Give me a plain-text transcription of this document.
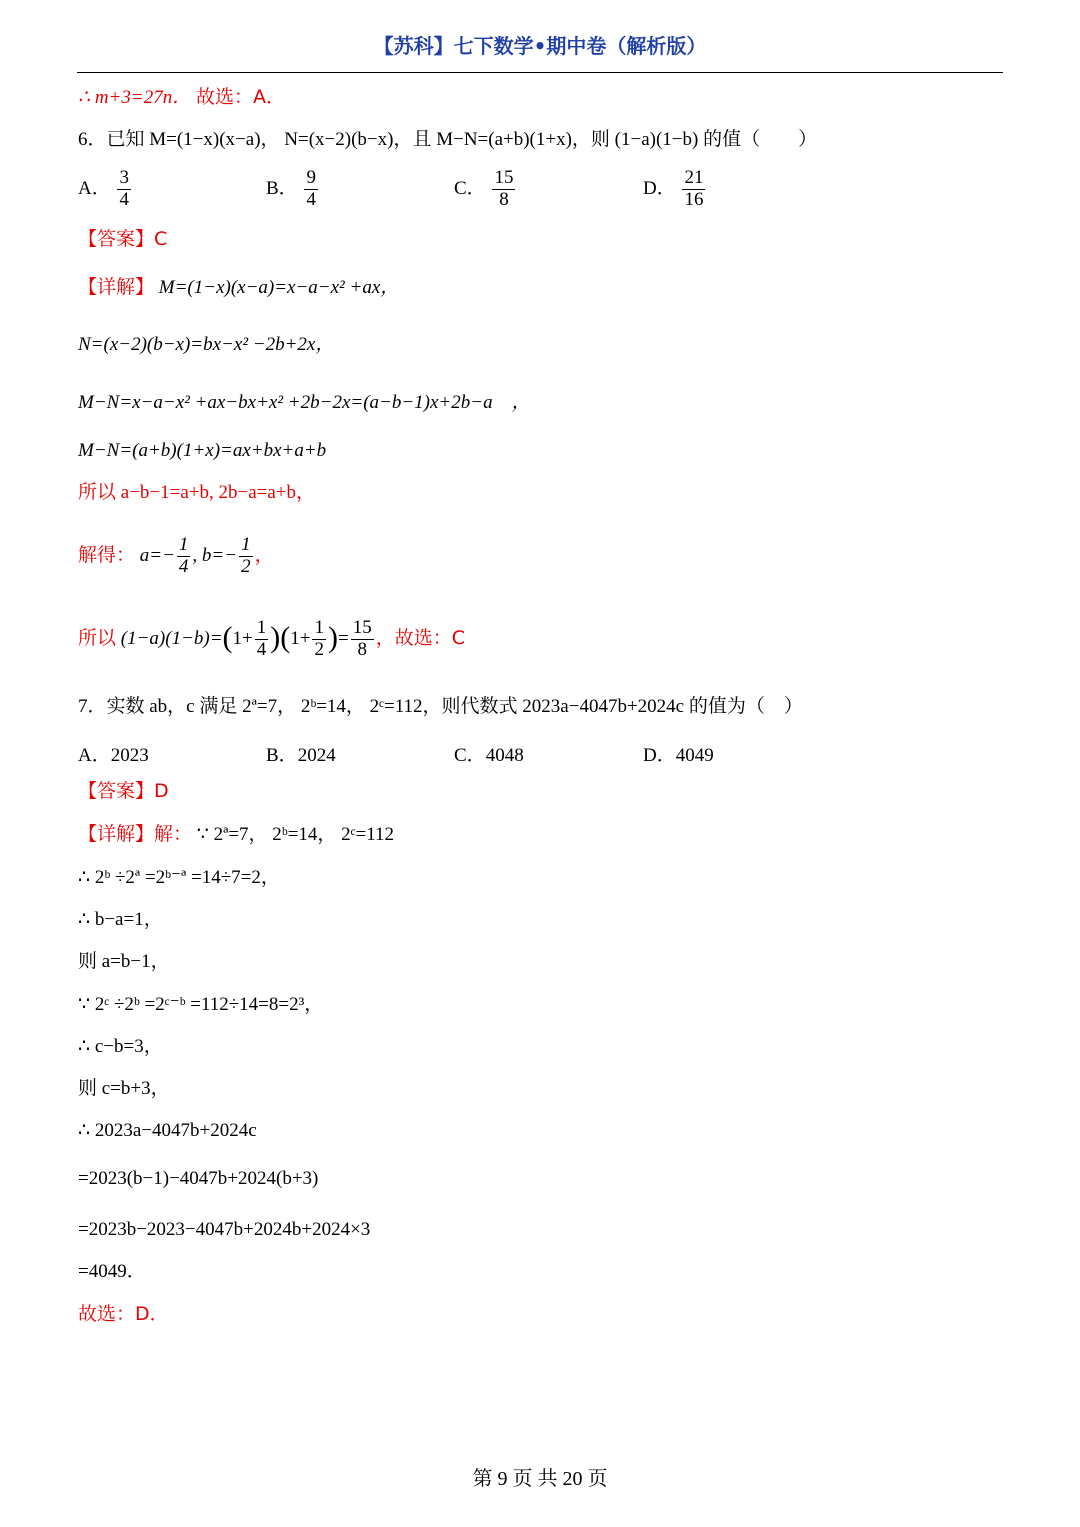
【苏科】七下数学•期中卷（解析版）
∴ m+3=27n． 故选：A．
6．已知 M=(1−x)(x−a)， N=(x−2)(b−x)，且 M−N=(a+b)(1+x)，则 (1−a)(1−b) 的值（　　）
A． $\frac{3}{4}$	B． $\frac{9}{4}$	C． $\frac{15}{8}$	D． $\frac{21}{16}$
【答案】C
【详解】 M=(1−x)(x−a)=x−a−x² +ax，
N=(x−2)(b−x)=bx−x² −2b+2x，
M−N=x−a−x² +ax−bx+x² +2b−2x=(a−b−1)x+2b−a　，
M−N=(a+b)(1+x)=ax+bx+a+b
所以 a−b−1=a+b, 2b−a=a+b，
解得： $a=- \frac{1}{4}$ , $b=- \frac{1}{2}$ ，
所以 $(1-a)(1-b)=(1+ \frac{1}{4} )(1+ \frac{1}{2}$ )= $\frac{15}{8}$ ，故选：C
7．实数 ab，c 满足 2ª=7， 2ᵇ=14， 2ᶜ=112，则代数式 2023a−4047b+2024c 的值为（　）
A．2023	B．2024	C．4048	D．4049
【答案】D
【详解】解： ∵ 2ª=7， 2ᵇ=14， 2ᶜ=112
∴ 2ᵇ ÷2ª =2ᵇ⁻ª =14÷7=2，
∴ b−a=1，
则 a=b−1，
∵ 2ᶜ ÷2ᵇ =2ᶜ⁻ᵇ =112÷14=8=2³，
∴ c−b=3，
则 c=b+3，
∴ 2023a−4047b+2024c
=2023(b−1)−4047b+2024(b+3)
=2023b−2023−4047b+2024b+2024×3
=4049．
故选：D．
第 9 页 共 20 页
